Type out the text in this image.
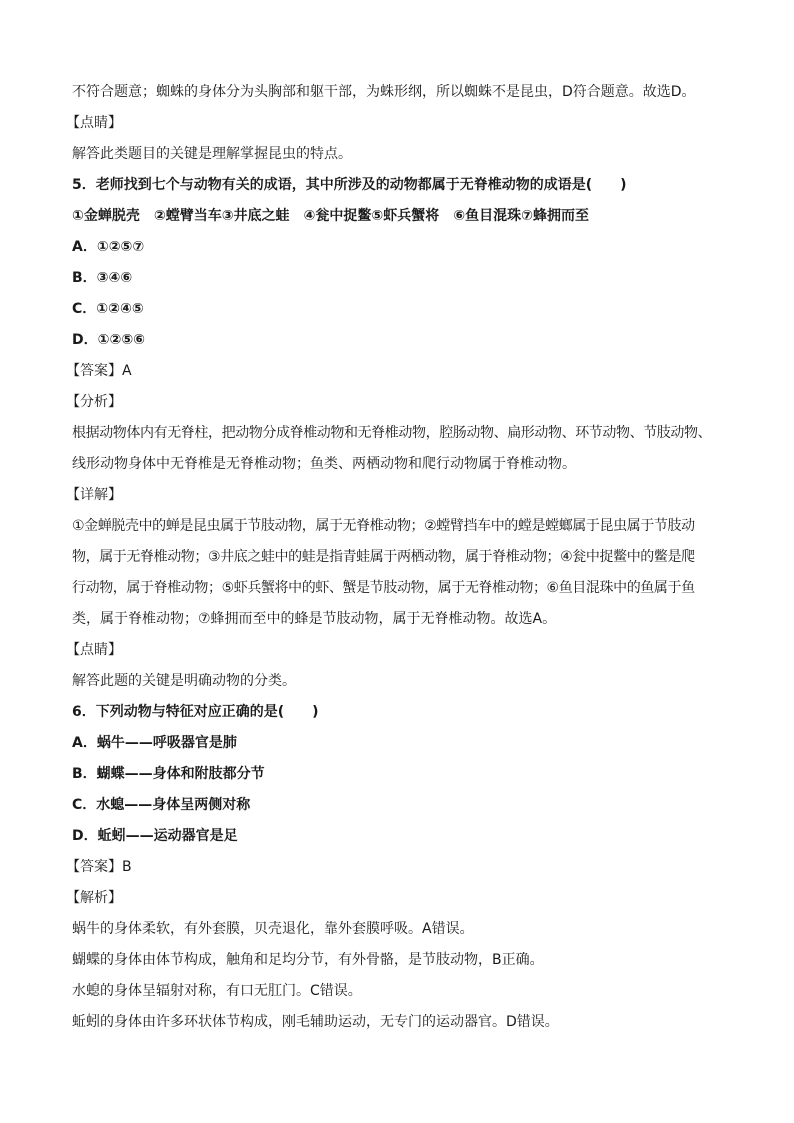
不符合题意；蜘蛛的身体分为头胸部和躯干部，为蛛形纲，所以蜘蛛不是昆虫，D符合题意。故选D。
【点睛】
解答此类题目的关键是理解掌握昆虫的特点。
5．老师找到七个与动物有关的成语，其中所涉及的动物都属于无脊椎动物的成语是(　　)
①金蝉脱壳　②螳臂当车③井底之蛙　④瓮中捉鳖⑤虾兵蟹将　⑥鱼目混珠⑦蜂拥而至
A．①②⑤⑦
B．③④⑥
C．①②④⑤
D．①②⑤⑥
【答案】A
【分析】
根据动物体内有无脊柱，把动物分成脊椎动物和无脊椎动物，腔肠动物、扁形动物、环节动物、节肢动物、
线形动物身体中无脊椎是无脊椎动物；鱼类、两栖动物和爬行动物属于脊椎动物。
【详解】
①金蝉脱壳中的蝉是昆虫属于节肢动物，属于无脊椎动物；②螳臂挡车中的螳是螳螂属于昆虫属于节肢动
物，属于无脊椎动物；③井底之蛙中的蛙是指青蛙属于两栖动物，属于脊椎动物；④瓮中捉鳖中的鳖是爬
行动物，属于脊椎动物；⑤虾兵蟹将中的虾、蟹是节肢动物，属于无脊椎动物；⑥鱼目混珠中的鱼属于鱼
类，属于脊椎动物；⑦蜂拥而至中的蜂是节肢动物，属于无脊椎动物。故选A。
【点睛】
解答此题的关键是明确动物的分类。
6．下列动物与特征对应正确的是(　　)
A．蜗牛——呼吸器官是肺
B．蝴蝶——身体和附肢都分节
C．水螅——身体呈两侧对称
D．蚯蚓——运动器官是足
【答案】B
【解析】
蜗牛的身体柔软，有外套膜，贝壳退化，靠外套膜呼吸。A错误。
蝴蝶的身体由体节构成，触角和足均分节，有外骨骼，是节肢动物，B正确。
水螅的身体呈辐射对称，有口无肛门。C错误。
蚯蚓的身体由许多环状体节构成，刚毛辅助运动，无专门的运动器官。D错误。
